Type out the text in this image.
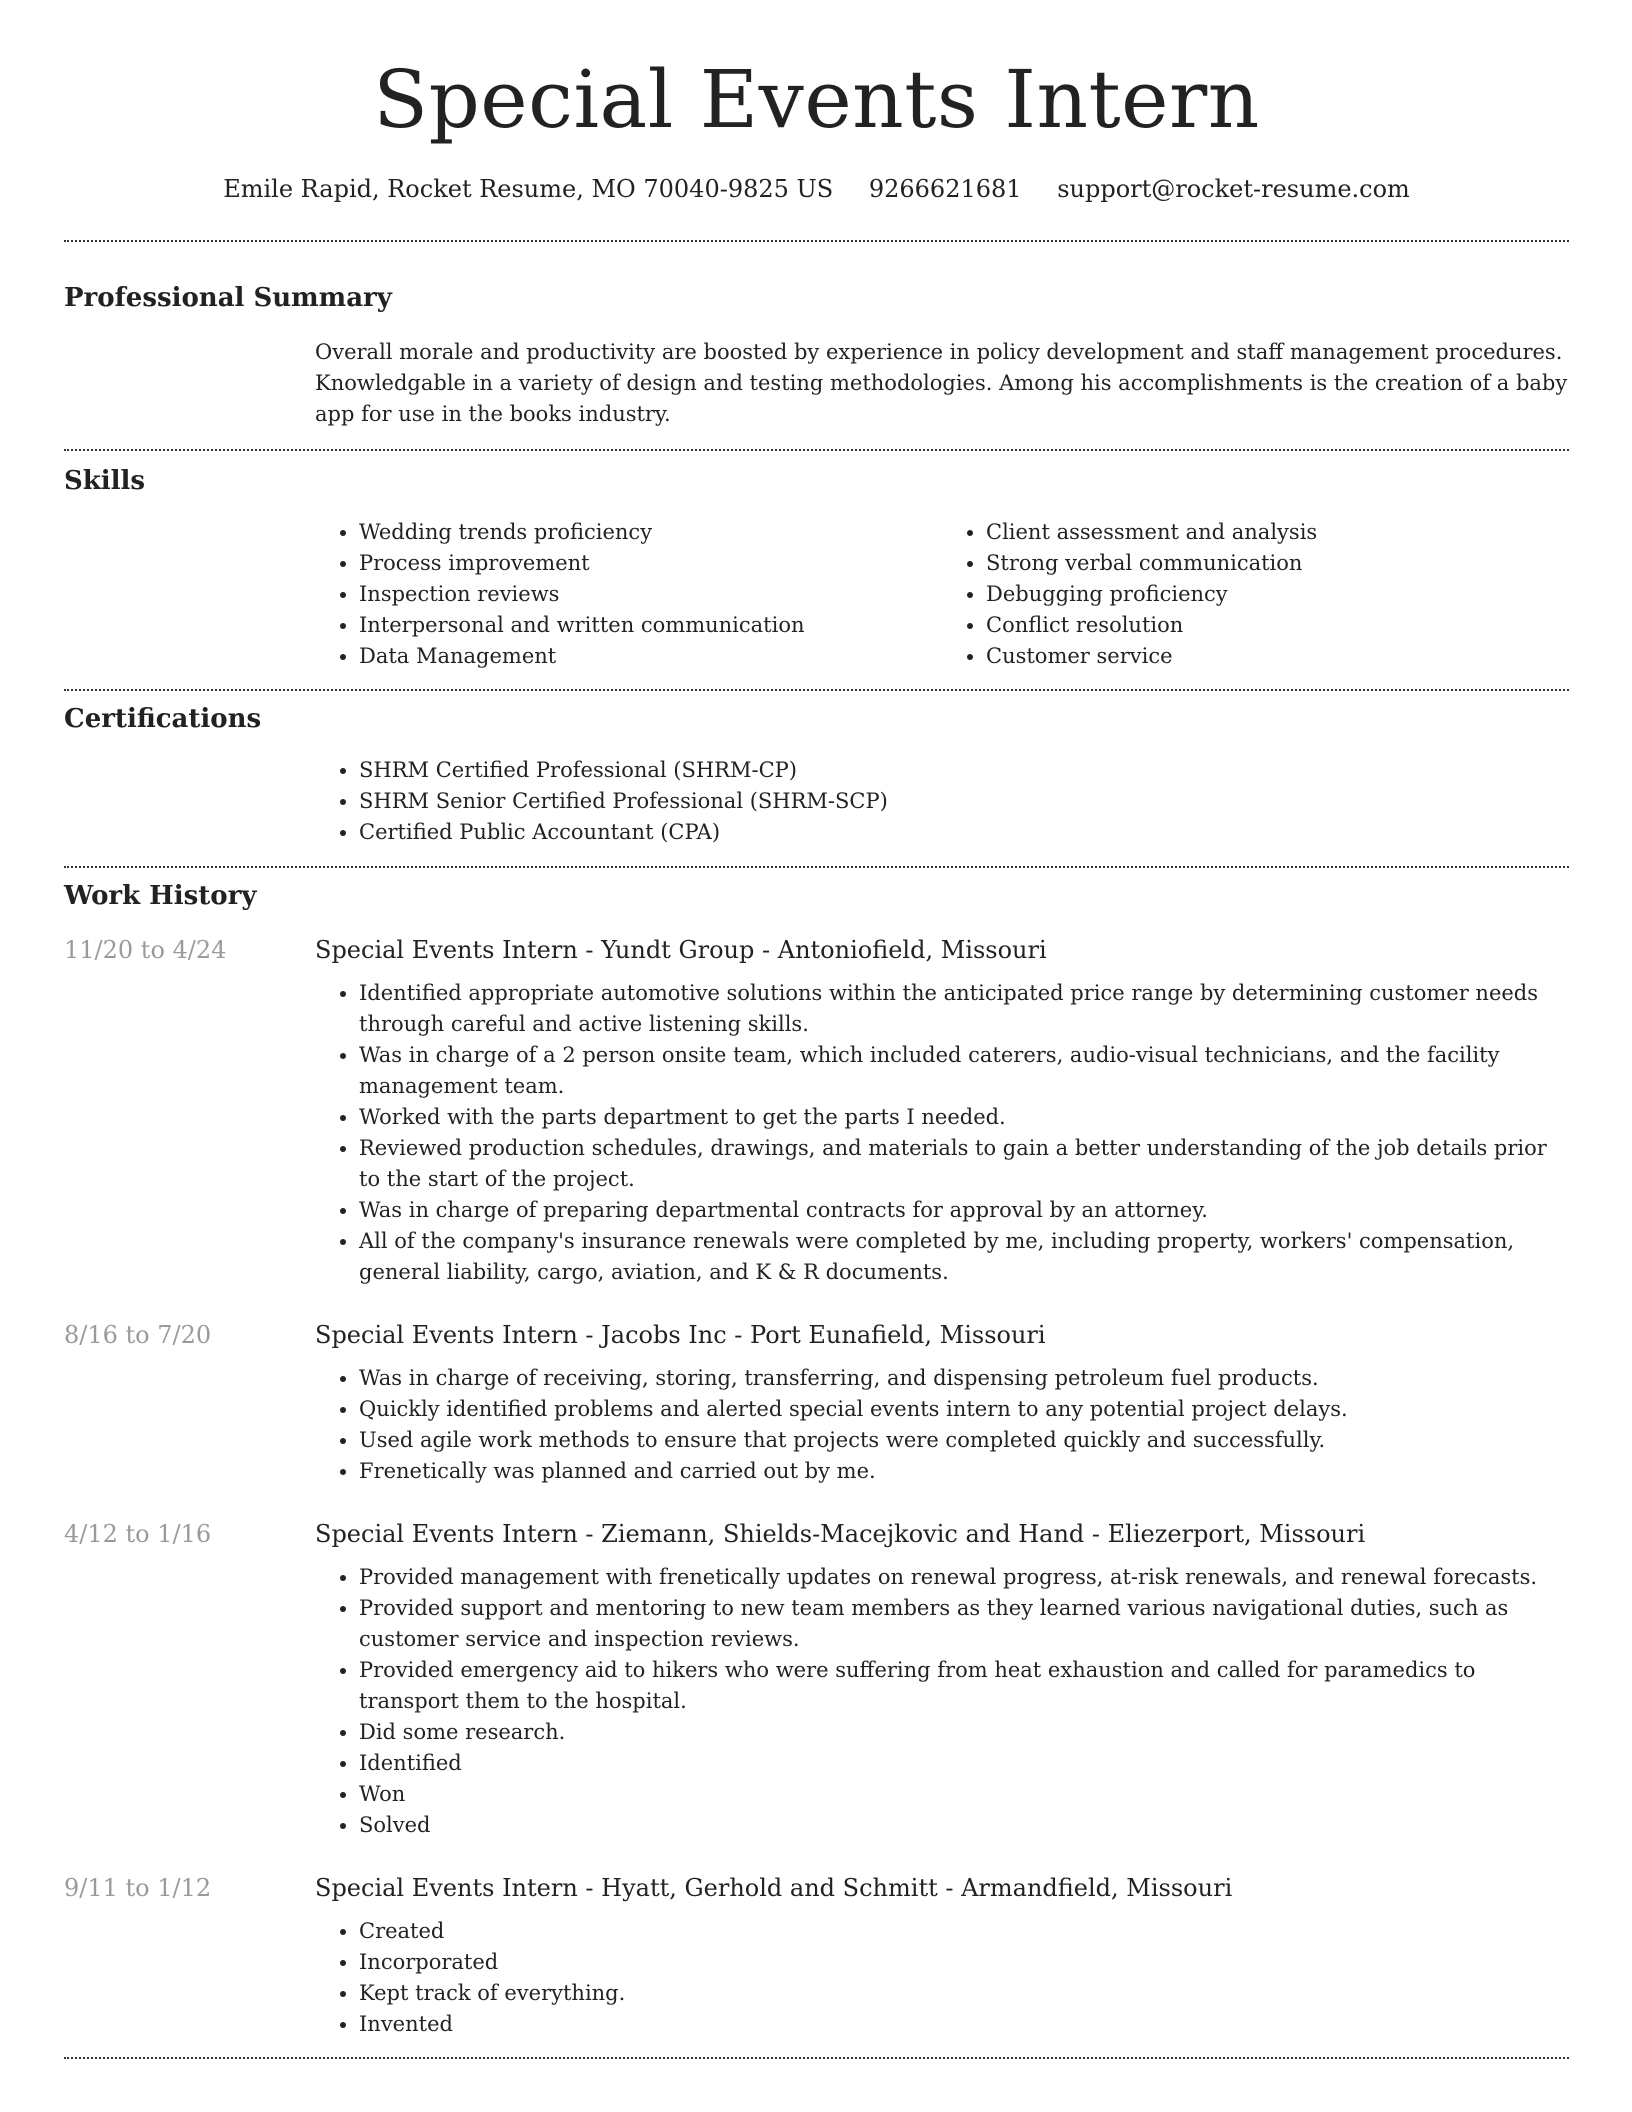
Special Events Intern
Emile Rapid, Rocket Resume, MO 70040-9825 US 9266621681 support@rocket-resume.com
Professional Summary
Overall morale and productivity are boosted by experience in policy development and staff management procedures. Knowledgable in a variety of design and testing methodologies. Among his accomplishments is the creation of a baby app for use in the books industry.
Skills
• Wedding trends proficiency
• Process improvement
• Inspection reviews
• Interpersonal and written communication
• Data Management
• Client assessment and analysis
• Strong verbal communication
• Debugging proficiency
• Conflict resolution
• Customer service
Certifications
• SHRM Certified Professional (SHRM-CP)
• SHRM Senior Certified Professional (SHRM-SCP)
• Certified Public Accountant (CPA)
Work History
11/20 to 4/24	Special Events Intern - Yundt Group - Antoniofield, Missouri
• Identified appropriate automotive solutions within the anticipated price range by determining customer needs through careful and active listening skills.
• Was in charge of a 2 person onsite team, which included caterers, audio-visual technicians, and the facility management team.
• Worked with the parts department to get the parts I needed.
• Reviewed production schedules, drawings, and materials to gain a better understanding of the job details prior to the start of the project.
• Was in charge of preparing departmental contracts for approval by an attorney.
• All of the company's insurance renewals were completed by me, including property, workers' compensation, general liability, cargo, aviation, and K & R documents.
8/16 to 7/20	Special Events Intern - Jacobs Inc - Port Eunafield, Missouri
• Was in charge of receiving, storing, transferring, and dispensing petroleum fuel products.
• Quickly identified problems and alerted special events intern to any potential project delays.
• Used agile work methods to ensure that projects were completed quickly and successfully.
• Frenetically was planned and carried out by me.
4/12 to 1/16	Special Events Intern - Ziemann, Shields-Macejkovic and Hand - Eliezerport, Missouri
• Provided management with frenetically updates on renewal progress, at-risk renewals, and renewal forecasts.
• Provided support and mentoring to new team members as they learned various navigational duties, such as customer service and inspection reviews.
• Provided emergency aid to hikers who were suffering from heat exhaustion and called for paramedics to transport them to the hospital.
• Did some research.
• Identified
• Won
• Solved
9/11 to 1/12	Special Events Intern - Hyatt, Gerhold and Schmitt - Armandfield, Missouri
• Created
• Incorporated
• Kept track of everything.
• Invented
